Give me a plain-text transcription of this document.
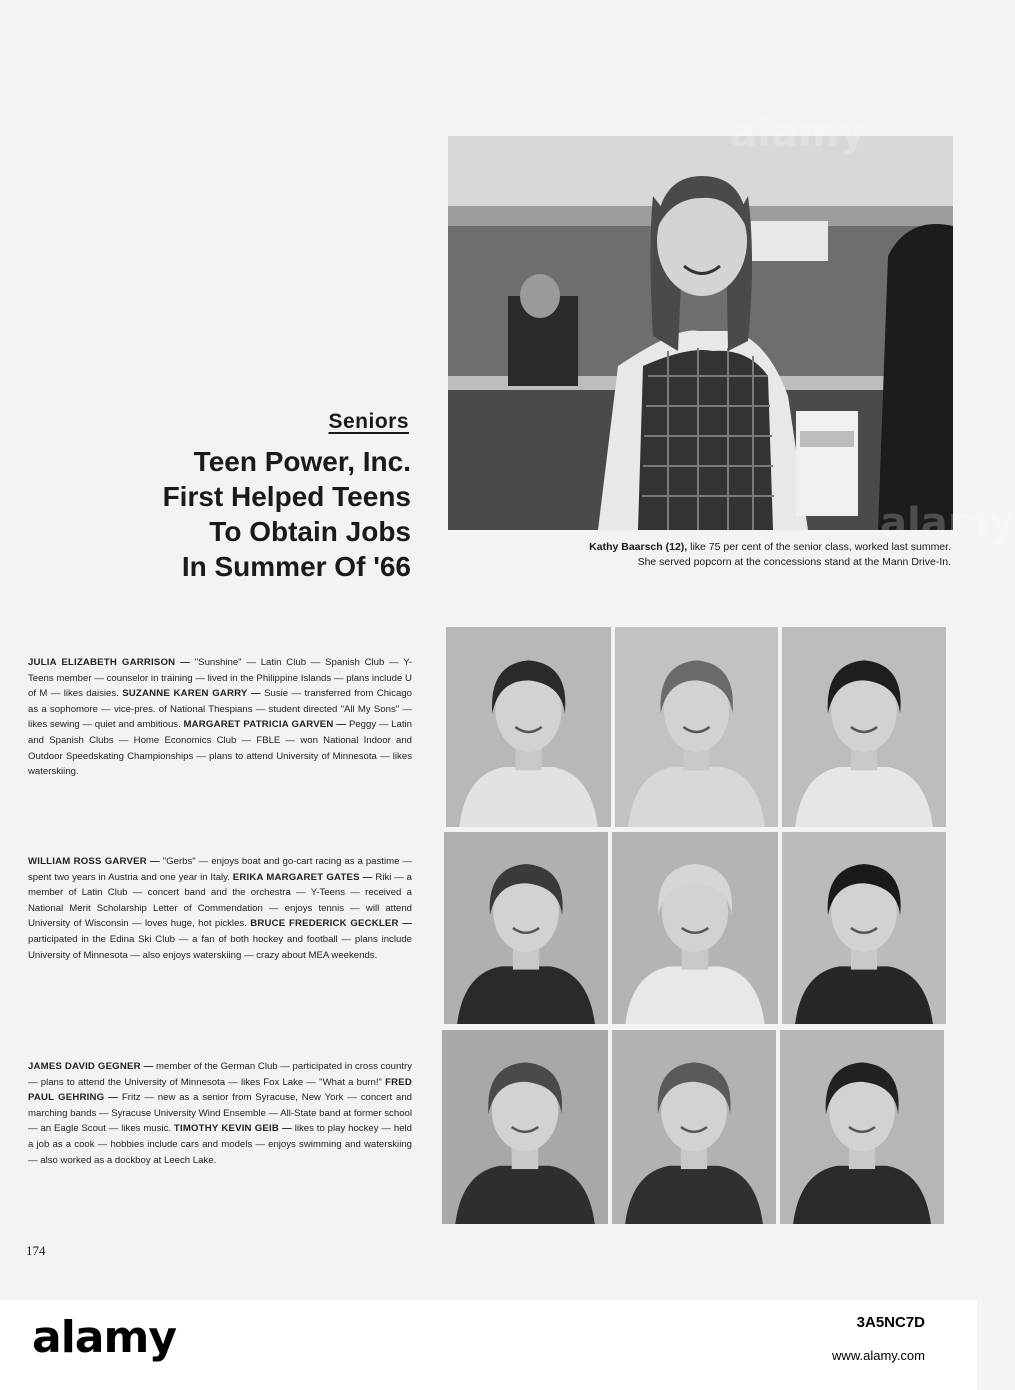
Seniors
Teen Power, Inc.
First Helped Teens
To Obtain Jobs
In Summer Of '66

JULIA ELIZABETH GARRISON — "Sunshine" — Latin Club — Spanish Club — Y-Teens member — counselor in training — lived in the Philippine Islands — plans include U of M — likes daisies. SUZANNE KAREN GARRY — Susie — transferred from Chicago as a sophomore — vice-pres. of National Thespians — student directed "All My Sons" — likes sewing — quiet and ambitious. MARGARET PATRICIA GARVEN — Peggy — Latin and Spanish Clubs — Home Economics Club — FBLE — won National Indoor and Outdoor Speedskating Championships — plans to attend University of Minnesota — likes waterskiing.

WILLIAM ROSS GARVER — "Gerbs" — enjoys boat and go-cart racing as a pastime — spent two years in Austria and one year in Italy. ERIKA MARGARET GATES — Riki — a member of Latin Club — concert band and the orchestra — Y-Teens — received a National Merit Scholarship Letter of Commendation — enjoys tennis — will attend University of Wisconsin — loves huge, hot pickles. BRUCE FREDERICK GECKLER — participated in the Edina Ski Club — a fan of both hockey and football — plans include University of Minnesota — also enjoys waterskiing — crazy about MEA weekends.

JAMES DAVID GEGNER — member of the German Club — participated in cross country — plans to attend the University of Minnesota — likes Fox Lake — "What a burn!" FRED PAUL GEHRING — Fritz — new as a senior from Syracuse, New York — concert and marching bands — Syracuse University Wind Ensemble — All-State band at former school — an Eagle Scout — likes music. TIMOTHY KEVIN GEIB — likes to play hockey — held a job as a cook — hobbies include cars and models — enjoys swimming and waterskiing — also worked as a dockboy at Leech Lake.

Kathy Baarsch (12), like 75 per cent of the senior class, worked last summer.
She served popcorn at the concessions stand at the Mann Drive-In.
174
alamy
alamy
alamy	3A5NC7D
www.alamy.com
